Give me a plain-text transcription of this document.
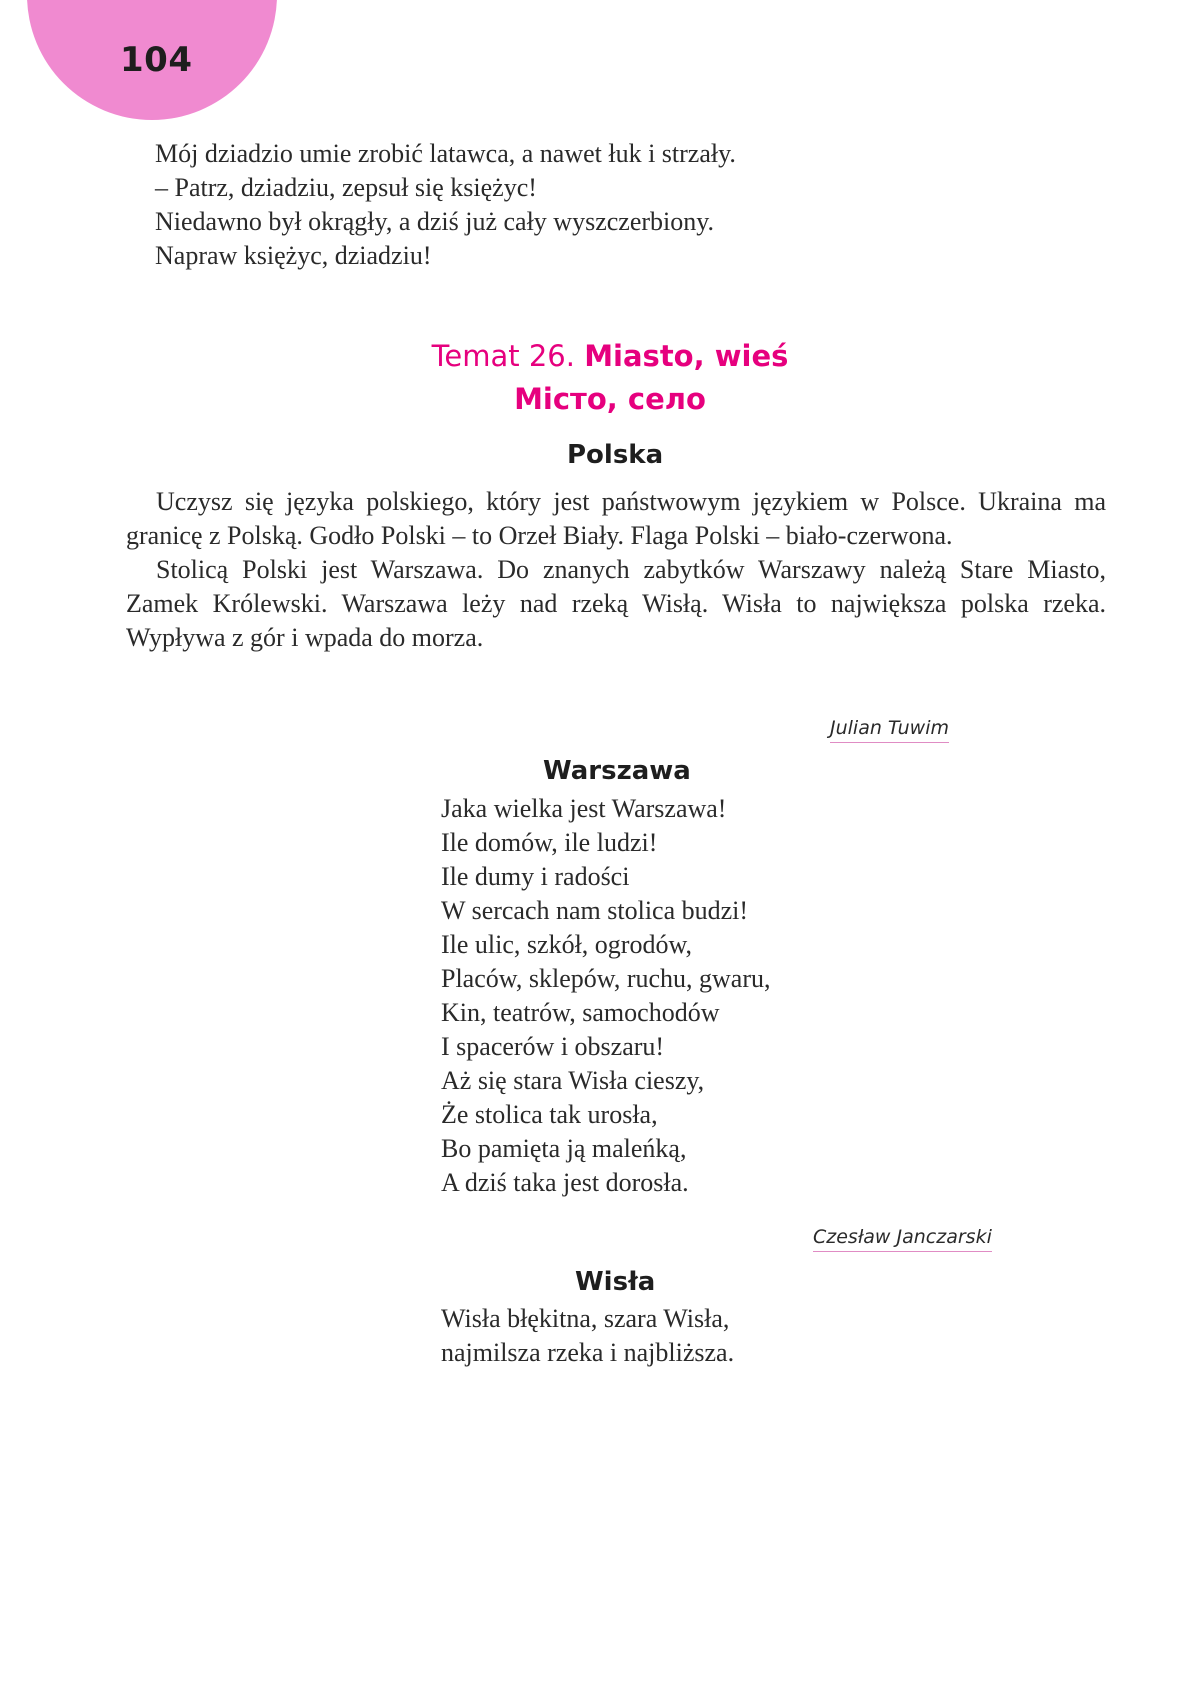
104
Mój dziadzio umie zrobić latawca, a nawet łuk i strzały.
– Patrz, dziadziu, zepsuł się księżyc!
Niedawno był okrągły, a dziś już cały wyszczerbiony.
Napraw księżyc, dziadziu!
Temat 26. Miasto, wieś
Місто, село
Polska

Uczysz się języka polskiego, który jest państwowym językiem w Polsce. Ukraina ma granicę z Polską. Godło Polski – to Orzeł Biały. Flaga Polski – biało-czerwona.

Stolicą Polski jest Warszawa. Do znanych zabytków Warszawy należą Stare Miasto, Zamek Królewski. Warszawa leży nad rzeką Wisłą. Wisła to największa polska rzeka. Wypływa z gór i wpada do morza.

Julian Tuwim
Warszawa
Jaka wielka jest Warszawa!
Ile domów, ile ludzi!
Ile dumy i radości
W sercach nam stolica budzi!
Ile ulic, szkół, ogrodów,
Placów, sklepów, ruchu, gwaru,
Kin, teatrów, samochodów
I spacerów i obszaru!
Aż się stara Wisła cieszy,
Że stolica tak urosła,
Bo pamięta ją maleńką,
A dziś taka jest dorosła.
Czesław Janczarski
Wisła
Wisła błękitna, szara Wisła,
najmilsza rzeka i najbliższa.
